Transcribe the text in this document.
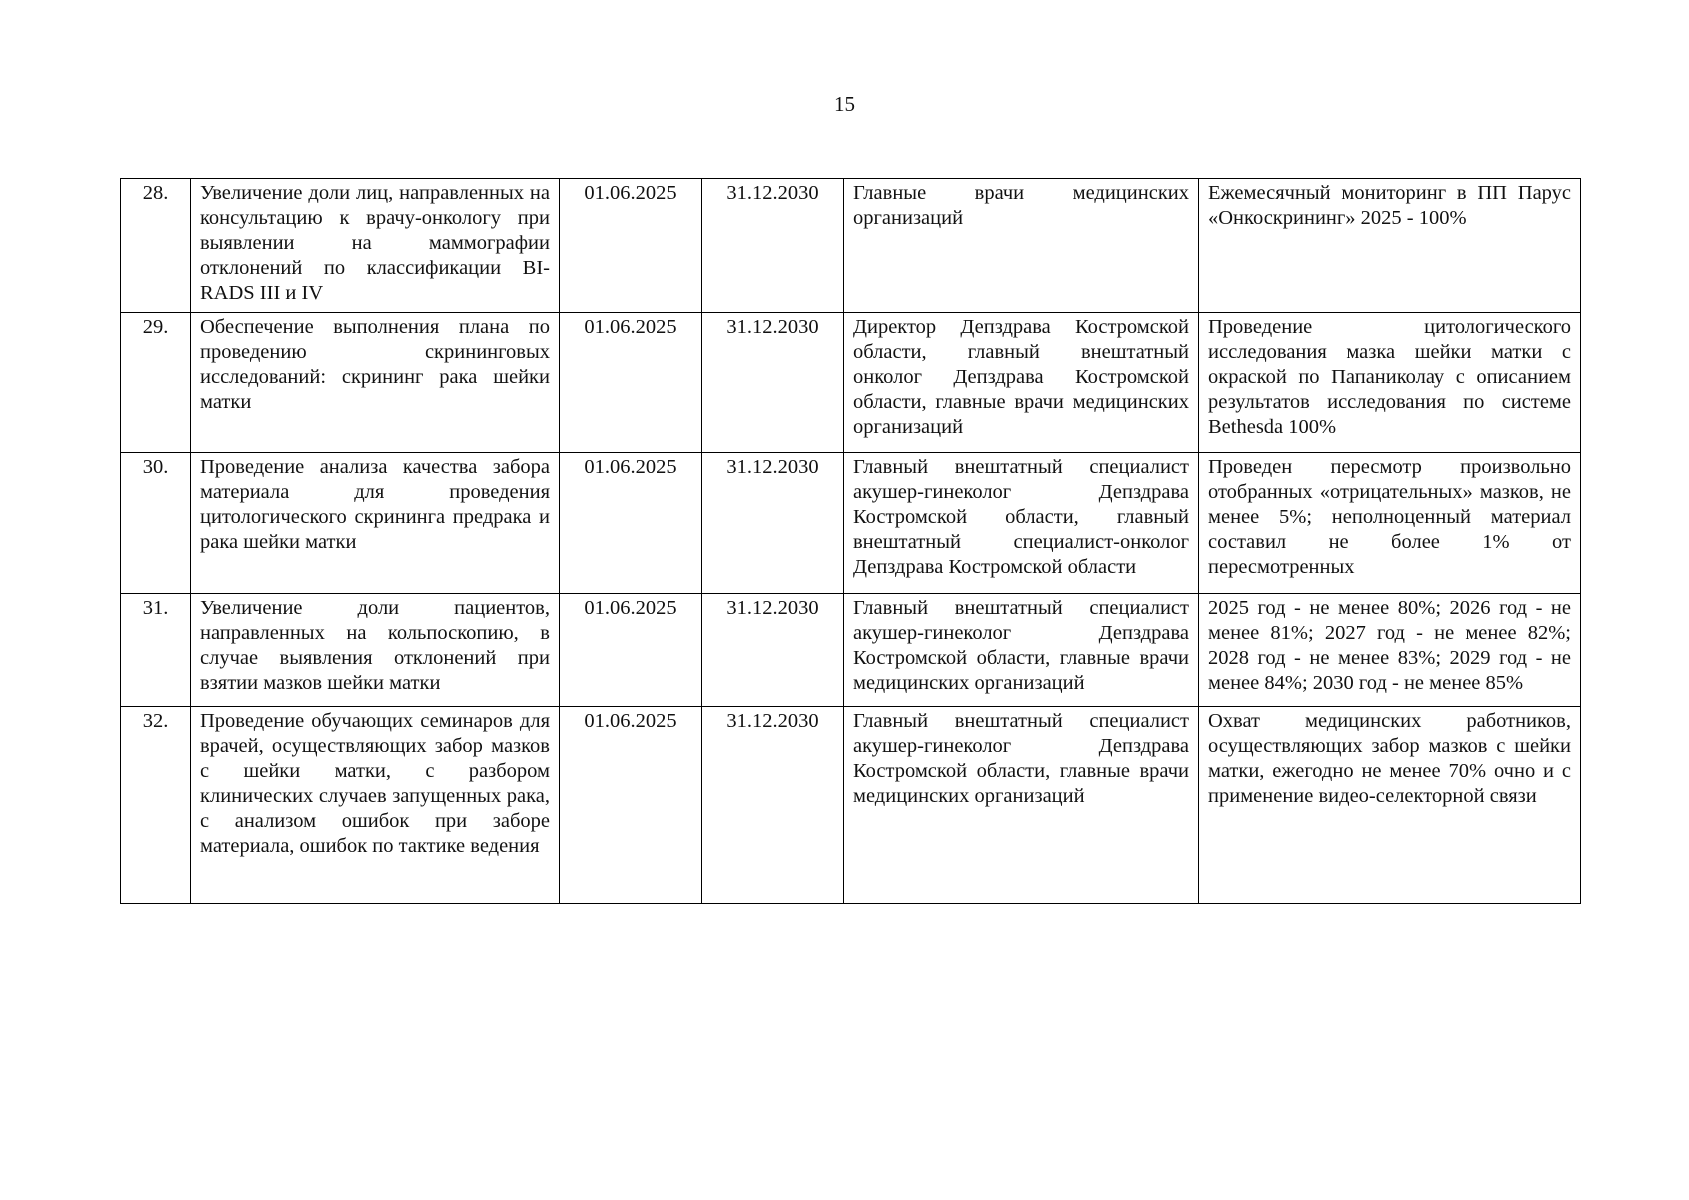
15
28.	Увеличение доли лиц, направленных на консультацию к врачу-онкологу при выявлении на маммографии отклонений по классификации BI-RADS III и IV	01.06.2025	31.12.2030	Главные врачи медицинских организаций	Ежемесячный мониторинг в ПП Парус «Онкоскрининг» 2025 - 100%
29.	Обеспечение выполнения плана по проведению скрининговых исследований: скрининг рака шейки матки	01.06.2025	31.12.2030	Директор Депздрава Костромской области, главный внештатный онколог Депздрава Костромской области, главные врачи медицинских организаций	Проведение цитологического исследования мазка шейки матки с окраской по Папаниколау с описанием результатов исследования по системе Bethesda 100%
30.	Проведение анализа качества забора материала для проведения цитологического скрининга предрака и рака шейки матки	01.06.2025	31.12.2030	Главный внештатный специалист акушер-гинеколог Депздрава Костромской области, главный внештатный специалист-онколог Депздрава Костромской области	Проведен пересмотр произвольно отобранных «отрицательных» мазков, не менее 5%; неполноценный материал составил не более 1% от пересмотренных
31.	Увеличение доли пациентов, направленных на кольпоскопию, в случае выявления отклонений при взятии мазков шейки матки	01.06.2025	31.12.2030	Главный внештатный специалист акушер-гинеколог Депздрава Костромской области, главные врачи медицинских организаций	2025 год - не менее 80%; 2026 год - не менее 81%; 2027 год - не менее 82%; 2028 год - не менее 83%; 2029 год - не менее 84%; 2030 год - не менее 85%
32.	Проведение обучающих семинаров для врачей, осуществляющих забор мазков с шейки матки, с разбором клинических случаев запущенных рака, с анализом ошибок при заборе материала, ошибок по тактике ведения	01.06.2025	31.12.2030	Главный внештатный специалист акушер-гинеколог Депздрава Костромской области, главные врачи медицинских организаций	Охват медицинских работников, осуществляющих забор мазков с шейки матки, ежегодно не менее 70% очно и с применение видео-селекторной связи
